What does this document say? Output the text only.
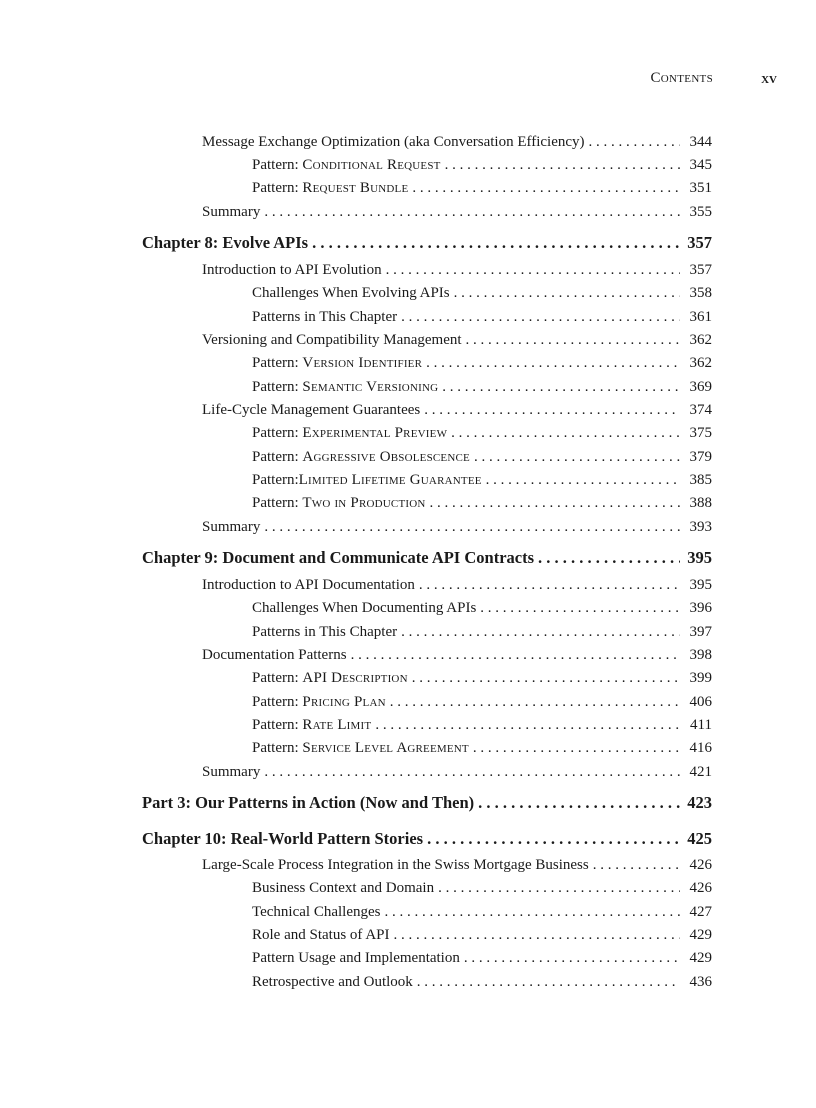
Contents	xv
Message Exchange Optimization (aka Conversation Efficiency) . . .	344
Pattern: Conditional Request . . .	345
Pattern: Request Bundle . . .	351
Summary . . .	355
Chapter 8: Evolve APIs . . .	357
Introduction to API Evolution . . .	357
Challenges When Evolving APIs . . .	358
Patterns in This Chapter . . .	361
Versioning and Compatibility Management . . .	362
Pattern: Version Identifier . . .	362
Pattern: Semantic Versioning . . .	369
Life-Cycle Management Guarantees . . .	374
Pattern: Experimental Preview . . .	375
Pattern: Aggressive Obsolescence . . .	379
Pattern:Limited Lifetime Guarantee . . .	385
Pattern: Two in Production . . .	388
Summary . . .	393
Chapter 9: Document and Communicate API Contracts . . .	395
Introduction to API Documentation . . .	395
Challenges When Documenting APIs . . .	396
Patterns in This Chapter . . .	397
Documentation Patterns . . .	398
Pattern: API Description . . .	399
Pattern: Pricing Plan . . .	406
Pattern: Rate Limit . . .	411
Pattern: Service Level Agreement . . .	416
Summary . . .	421
Part 3: Our Patterns in Action (Now and Then) . . .	423
Chapter 10: Real-World Pattern Stories . . .	425
Large-Scale Process Integration in the Swiss Mortgage Business . . .	426
Business Context and Domain . . .	426
Technical Challenges . . .	427
Role and Status of API . . .	429
Pattern Usage and Implementation . . .	429
Retrospective and Outlook . . .	436
